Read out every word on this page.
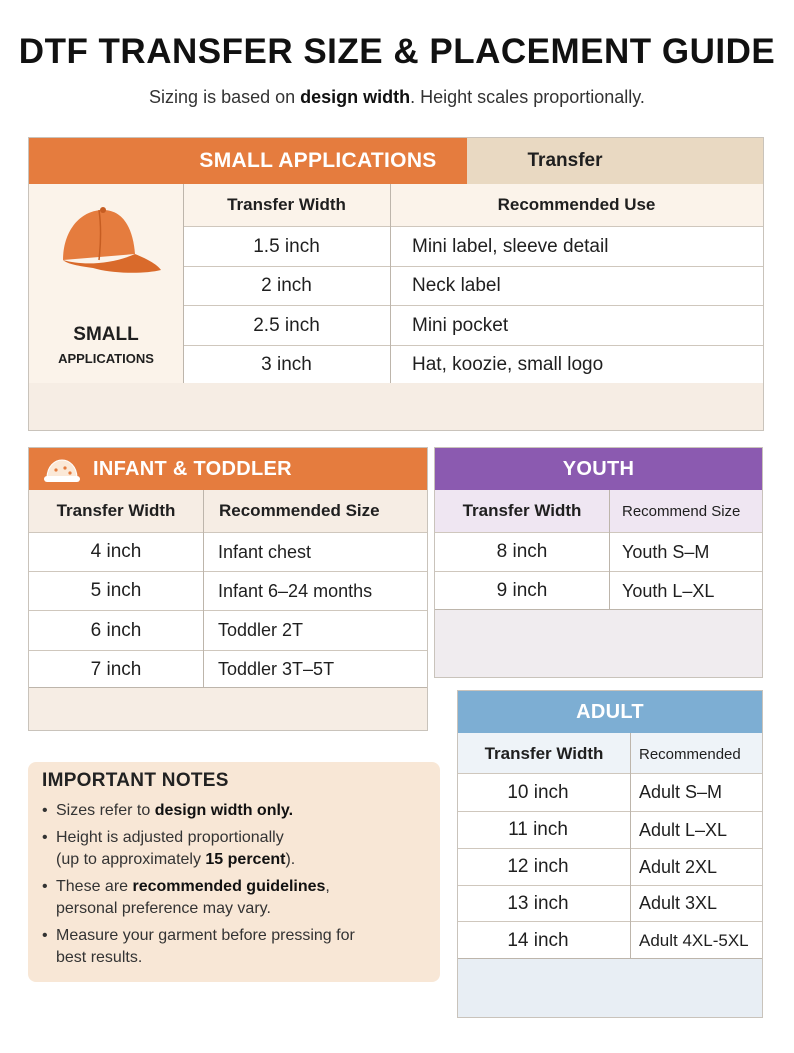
DTF TRANSFER SIZE & PLACEMENT GUIDE
Sizing is based on design width. Height scales proportionally.
SMALL APPLICATIONS	Transfer
SMALL
APPLICATIONS
Transfer Width	Recommended Use
1.5 inch	Mini label, sleeve detail
2 inch	Neck label
2.5 inch	Mini pocket
3 inch	Hat, koozie, small logo
INFANT & TODDLER
Transfer Width	Recommended Size
4 inch	Infant chest
5 inch	Infant 6–24 months
6 inch	Toddler 2T
7 inch	Toddler 3T–5T
YOUTH
Transfer Width	Recommend Size
8 inch	Youth S–M
9 inch	Youth L–XL
ADULT
Transfer Width	Recommended
10 inch	Adult S–M
11 inch	Adult L–XL
12 inch	Adult 2XL
13 inch	Adult 3XL
14 inch	Adult 4XL-5XL
IMPORTANT NOTES
• Sizes refer to design width only.
• Height is adjusted proportionally
(up to approximately 15 percent).
• These are recommended guidelines,
personal preference may vary.
• Measure your garment before pressing for
best results.
